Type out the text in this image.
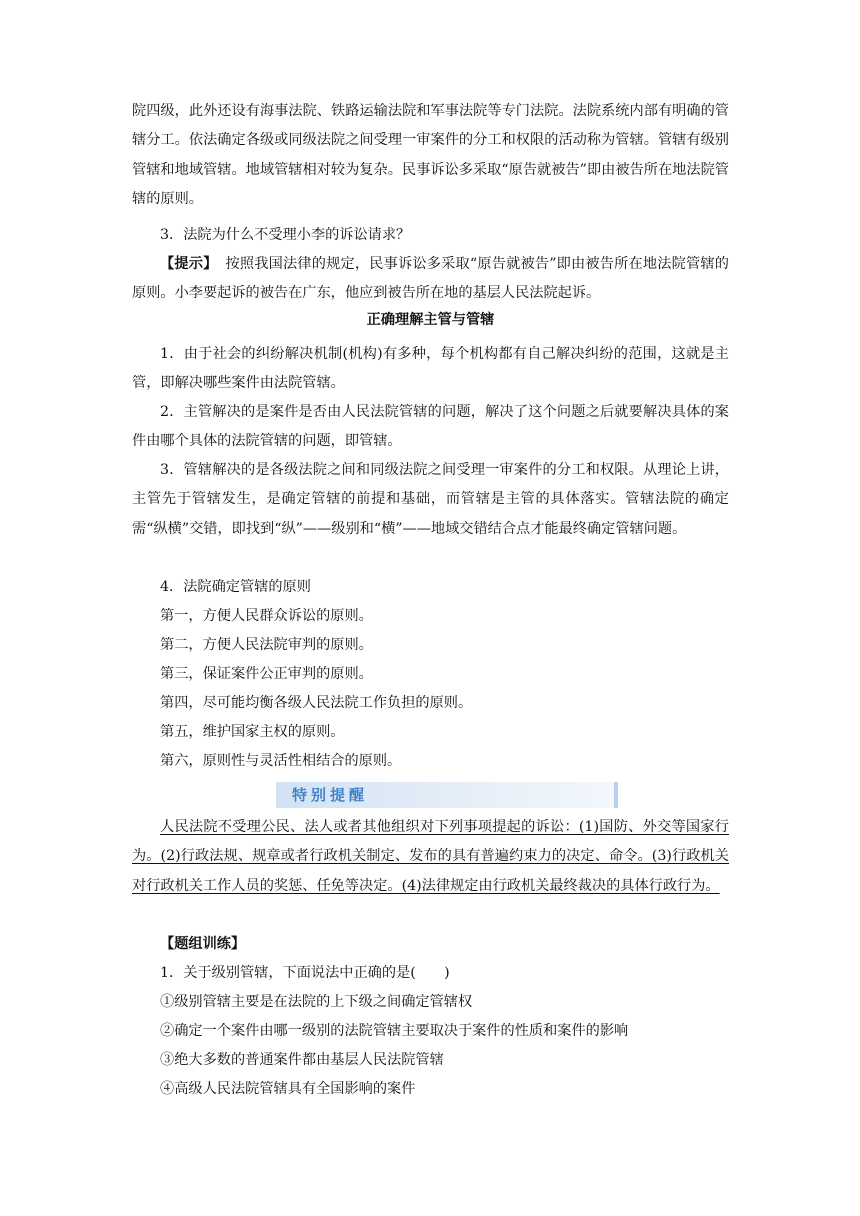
院四级，此外还设有海事法院、铁路运输法院和军事法院等专门法院。法院系统内部有明确的管辖分工。依法确定各级或同级法院之间受理一审案件的分工和权限的活动称为管辖。管辖有级别管辖和地域管辖。地域管辖相对较为复杂。民事诉讼多采取“原告就被告”即由被告所在地法院管辖的原则。

3．法院为什么不受理小李的诉讼请求？

【提示】 按照我国法律的规定，民事诉讼多采取“原告就被告”即由被告所在地法院管辖的原则。小李要起诉的被告在广东，他应到被告所在地的基层人民法院起诉。

正确理解主管与管辖

1．由于社会的纠纷解决机制(机构)有多种，每个机构都有自己解决纠纷的范围，这就是主管，即解决哪些案件由法院管辖。

2．主管解决的是案件是否由人民法院管辖的问题，解决了这个问题之后就要解决具体的案件由哪个具体的法院管辖的问题，即管辖。

3．管辖解决的是各级法院之间和同级法院之间受理一审案件的分工和权限。从理论上讲，主管先于管辖发生，是确定管辖的前提和基础，而管辖是主管的具体落实。管辖法院的确定需“纵横”交错，即找到“纵”——级别和“横”——地域交错结合点才能最终确定管辖问题。

4．法院确定管辖的原则

第一，方便人民群众诉讼的原则。

第二，方便人民法院审判的原则。

第三，保证案件公正审判的原则。

第四，尽可能均衡各级人民法院工作负担的原则。

第五，维护国家主权的原则。

第六，原则性与灵活性相结合的原则。

特别提醒

人民法院不受理公民、法人或者其他组织对下列事项提起的诉讼：(1)国防、外交等国家行为。(2)行政法规、规章或者行政机关制定、发布的具有普遍约束力的决定、命令。(3)行政机关对行政机关工作人员的奖惩、任免等决定。(4)法律规定由行政机关最终裁决的具体行政行为。

【题组训练】

1．关于级别管辖，下面说法中正确的是(　　)

①级别管辖主要是在法院的上下级之间确定管辖权

②确定一个案件由哪一级别的法院管辖主要取决于案件的性质和案件的影响

③绝大多数的普通案件都由基层人民法院管辖

④高级人民法院管辖具有全国影响的案件
